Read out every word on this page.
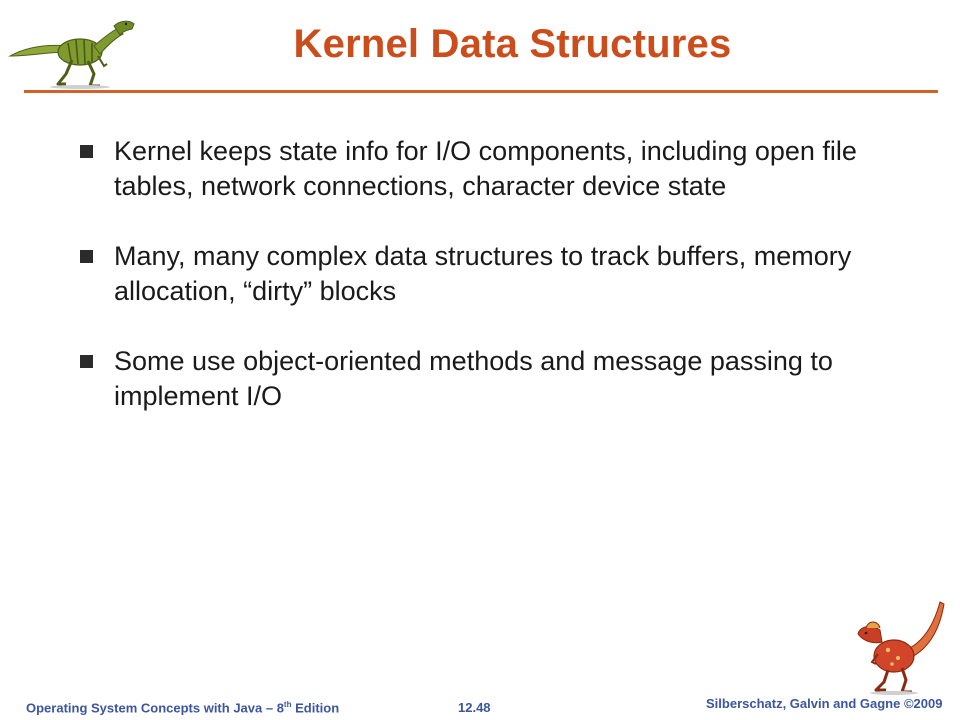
Kernel Data Structures
Kernel keeps state info for I/O components, including open file tables, network connections, character device state
Many, many complex data structures to track buffers, memory allocation, “dirty” blocks
Some use object-oriented methods and message passing to implement I/O
Operating System Concepts with Java – 8th Edition	12.48	Silberschatz, Galvin and Gagne ©2009
